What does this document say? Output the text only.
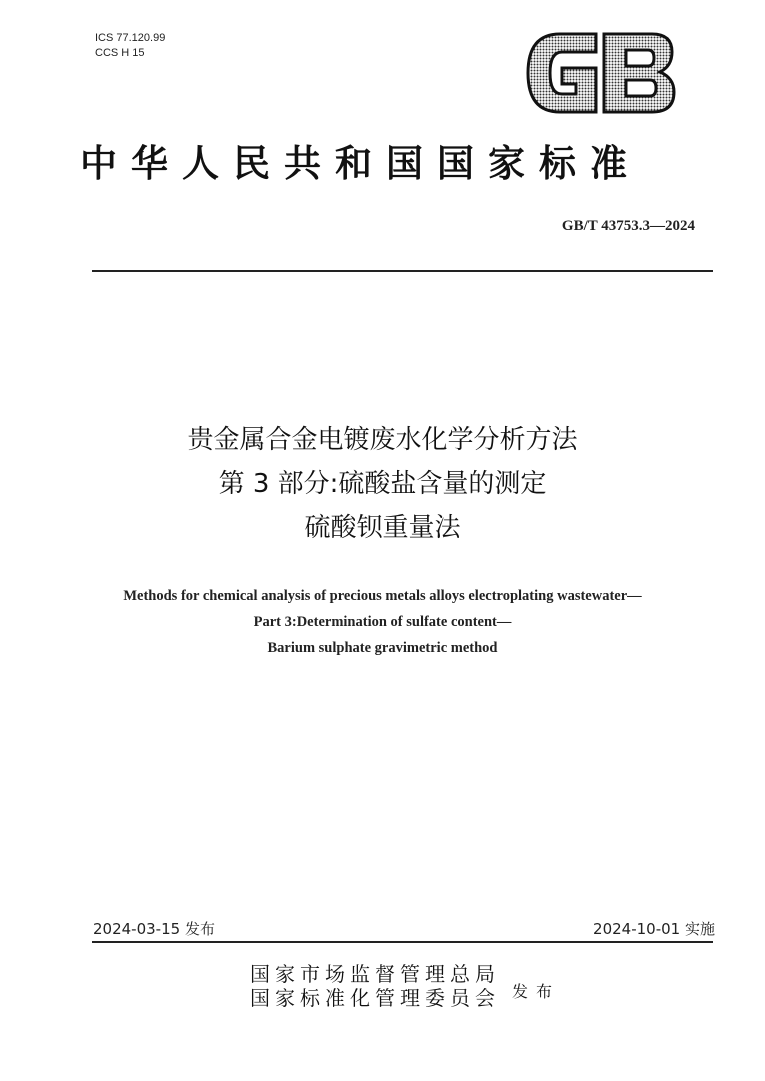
ICS 77.120.99
CCS H 15
中华人民共和国国家标准
GB/T 43753.3—2024
贵金属合金电镀废水化学分析方法
第 3 部分:硫酸盐含量的测定
硫酸钡重量法
Methods for chemical analysis of precious metals alloys electroplating wastewater—
Part 3:Determination of sulfate content—
Barium sulphate gravimetric method
2024-03-15 发布	2024-10-01 实施
国家市场监督管理总局
国家标准化管理委员会 发布
